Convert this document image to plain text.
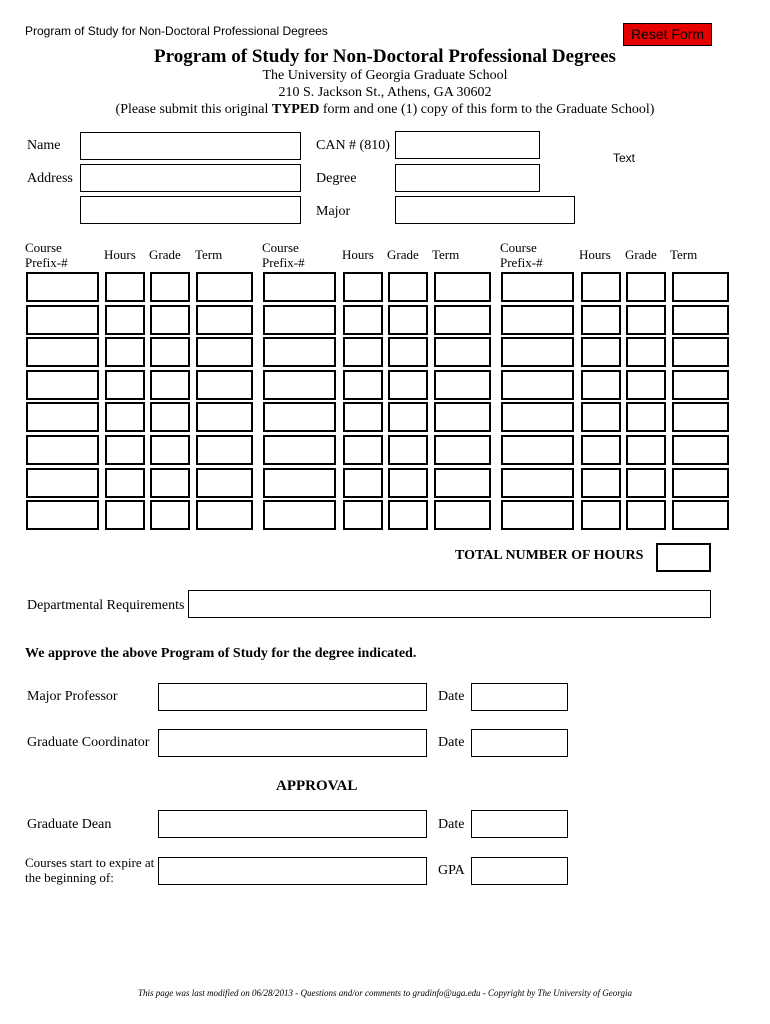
Program of Study for Non-Doctoral Professional Degrees	Reset Form
Program of Study for Non-Doctoral Professional Degrees
The University of Georgia Graduate School
210 S. Jackson St., Athens, GA 30602
(Please submit this original TYPED form and one (1) copy of this form to the Graduate School)
Name
Address
CAN # (810)
Text
Degree
Major
Course
Prefix-#
Hours Grade Term	Course
Prefix-#
Hours Grade Term	Course
Prefix-#
Hours Grade Term
TOTAL NUMBER OF HOURS
Departmental Requirements
We approve the above Program of Study for the degree indicated.
Major Professor	Date
Graduate Coordinator	Date
APPROVAL
Graduate Dean	Date
Courses start to expire at
the beginning of:	GPA
This page was last modified on 06/28/2013 - Questions and/or comments to gradinfo@uga.edu - Copyright by The University of Georgia
